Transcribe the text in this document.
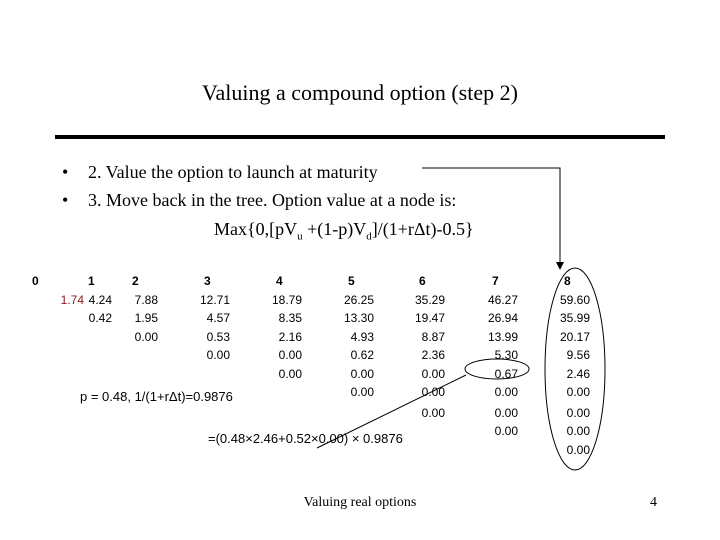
Valuing a compound option (step 2)
• 2. Value the option to launch at maturity
• 3. Move back in the tree. Option value at a node is:
$Max\{0,[pV_u +(1-p)V_d]/(1+r\Delta t)-0.5\}$
0
1.74
1
4.24
0.42
2
7.88
1.95
0.00
3
12.71
4.57
0.53
0.00
4
18.79
8.35
2.16
0.00
0.00
5
26.25
13.30
4.93
0.62
0.00
0.00
6
35.29
19.47
8.87
2.36
0.00
0.00
0.00
7
46.27
26.94
13.99
5.30
0.67
0.00
0.00
0.00
8
59.60
35.99
20.17
9.56
2.46
0.00
0.00
0.00
0.00
p = 0.48, 1/(1+rΔt)=0.9876
=(0.48×2.46+0.52×0.00) × 0.9876
Valuing real options	4
